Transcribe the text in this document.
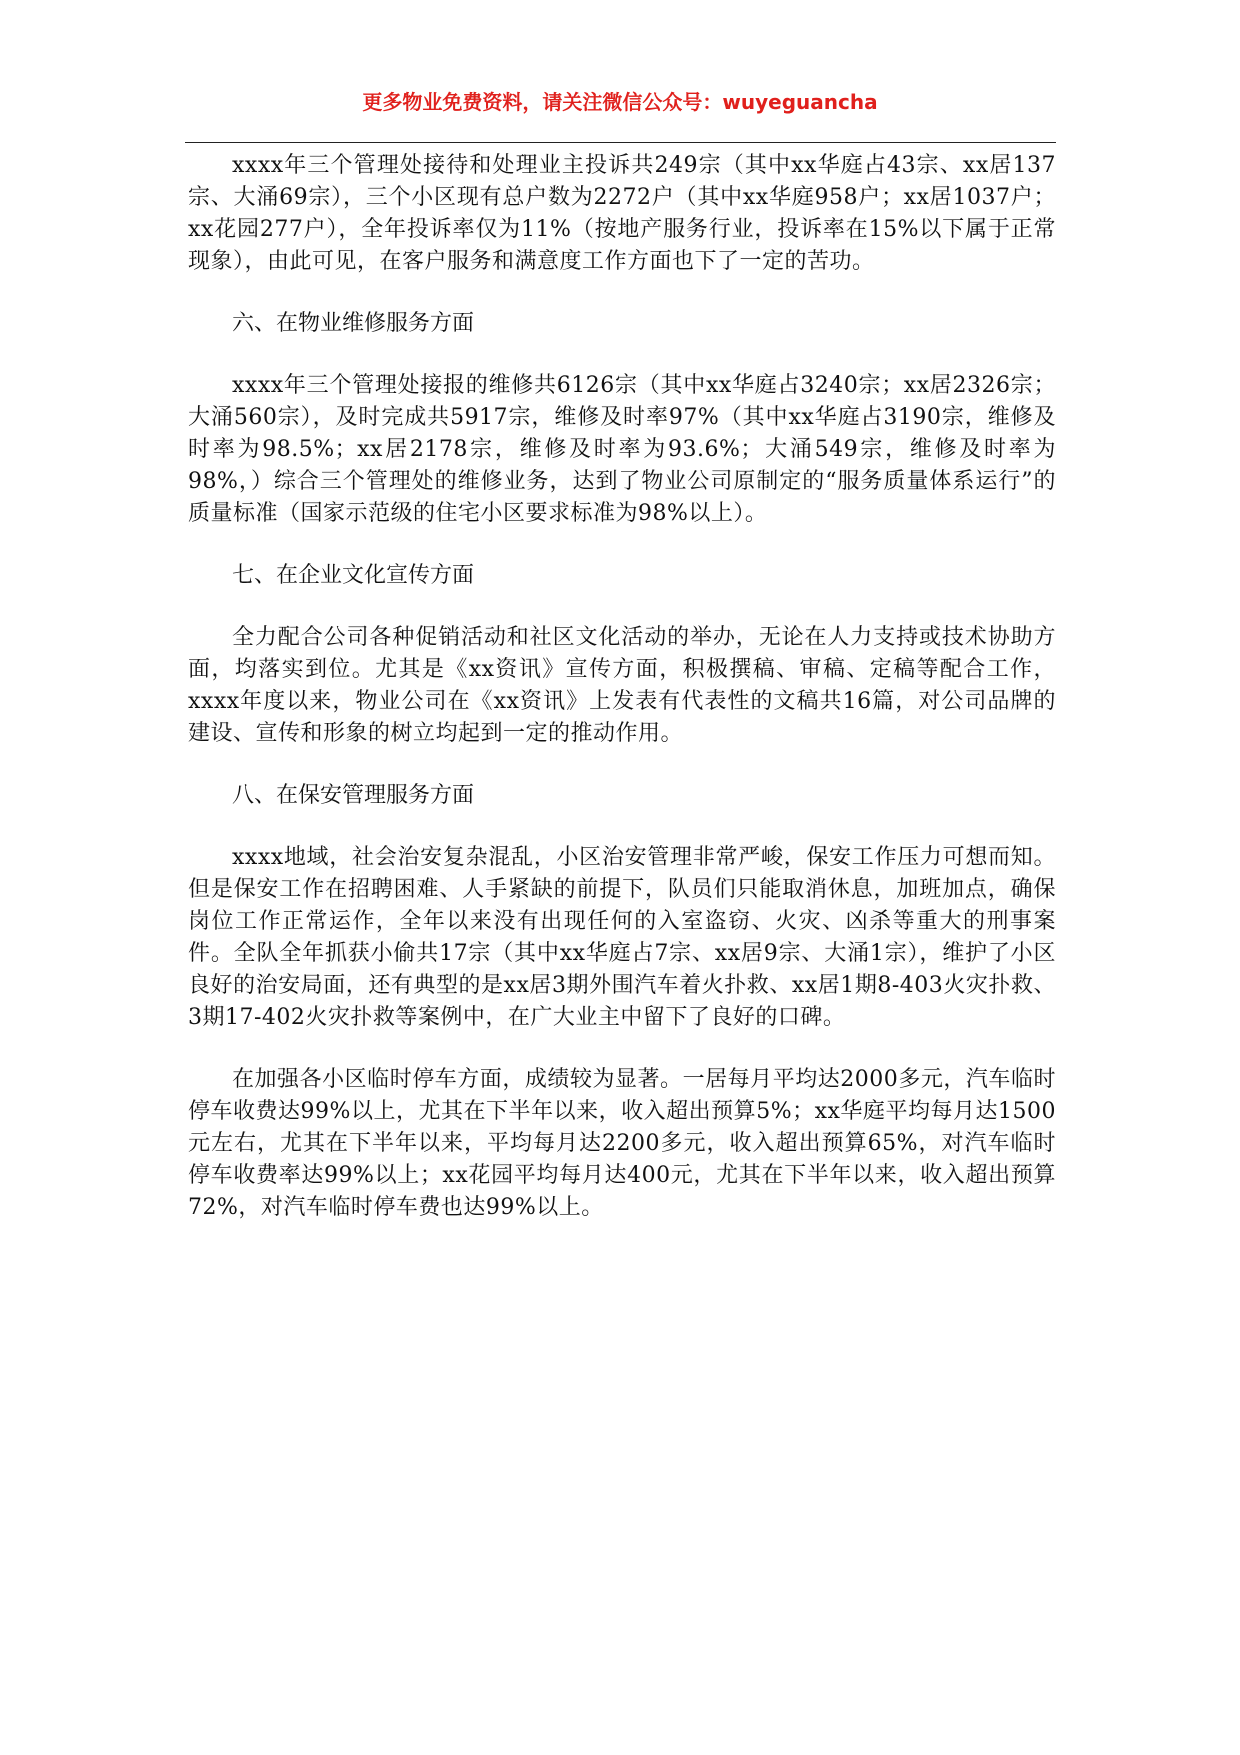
更多物业免费资料，请关注微信公众号：wuyeguancha

xxxx年三个管理处接待和处理业主投诉共249宗（其中xx华庭占43宗、xx居137宗、大涌69宗），三个小区现有总户数为2272户（其中xx华庭958户；xx居1037户；xx花园277户），全年投诉率仅为11%（按地产服务行业，投诉率在15%以下属于正常现象），由此可见，在客户服务和满意度工作方面也下了一定的苦功。

六、在物业维修服务方面

xxxx年三个管理处接报的维修共6126宗（其中xx华庭占3240宗；xx居2326宗；大涌560宗），及时完成共5917宗，维修及时率97%（其中xx华庭占3190宗，维修及时率为98.5%；xx居2178宗，维修及时率为93.6%；大涌549宗，维修及时率为98%，）综合三个管理处的维修业务，达到了物业公司原制定的“服务质量体系运行”的质量标准（国家示范级的住宅小区要求标准为98%以上）。

七、在企业文化宣传方面

全力配合公司各种促销活动和社区文化活动的举办，无论在人力支持或技术协助方面，均落实到位。尤其是《xx资讯》宣传方面，积极撰稿、审稿、定稿等配合工作，xxxx年度以来，物业公司在《xx资讯》上发表有代表性的文稿共16篇，对公司品牌的建设、宣传和形象的树立均起到一定的推动作用。

八、在保安管理服务方面

xxxx地域，社会治安复杂混乱，小区治安管理非常严峻，保安工作压力可想而知。但是保安工作在招聘困难、人手紧缺的前提下，队员们只能取消休息，加班加点，确保岗位工作正常运作，全年以来没有出现任何的入室盗窃、火灾、凶杀等重大的刑事案件。全队全年抓获小偷共17宗（其中xx华庭占7宗、xx居9宗、大涌1宗），维护了小区良好的治安局面，还有典型的是xx居3期外围汽车着火扑救、xx居1期8-403火灾扑救、3期17-402火灾扑救等案例中，在广大业主中留下了良好的口碑。

在加强各小区临时停车方面，成绩较为显著。一居每月平均达2000多元，汽车临时停车收费达99%以上，尤其在下半年以来，收入超出预算5%；xx华庭平均每月达1500元左右，尤其在下半年以来，平均每月达2200多元，收入超出预算65%，对汽车临时停车收费率达99%以上；xx花园平均每月达400元，尤其在下半年以来，收入超出预算72%，对汽车临时停车费也达99%以上。
